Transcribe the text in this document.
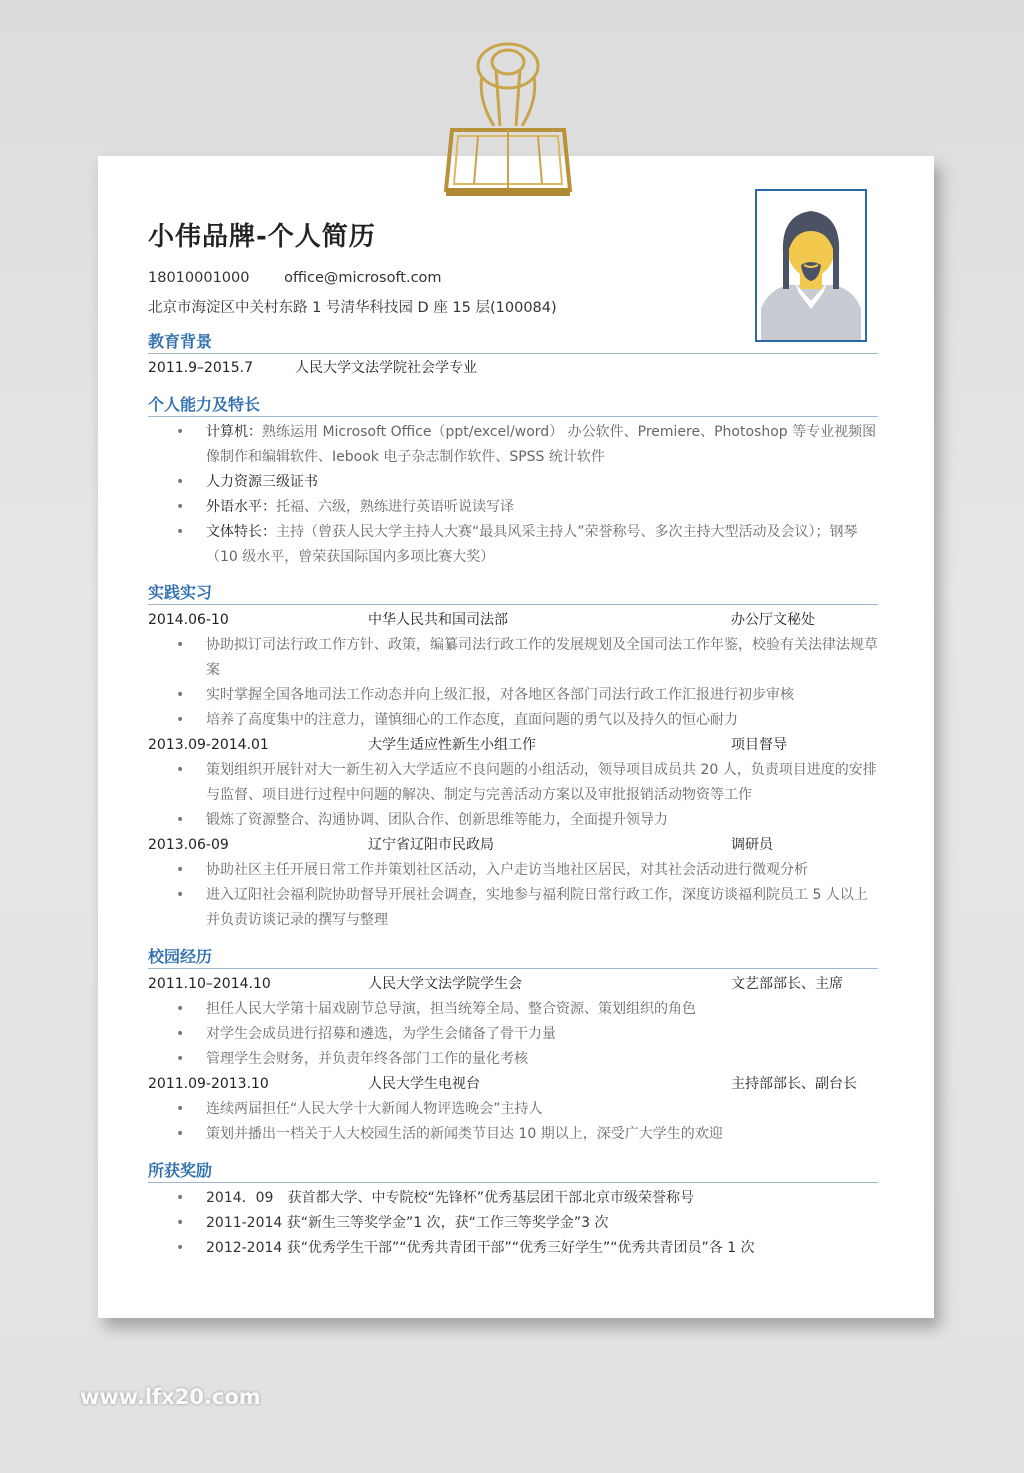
小伟品牌-个人简历
18010001000 office@microsoft.com
北京市海淀区中关村东路 1 号清华科技园 D 座 15 层(100084)
教育背景
2011.9–2015.7	人民大学文法学院社会学专业
个人能力及特长
• 计算机：熟练运用 Microsoft Office（ppt/excel/word） 办公软件、Premiere、Photoshop 等专业视频图像制作和编辑软件、Iebook 电子杂志制作软件、SPSS 统计软件
• 人力资源三级证书
• 外语水平：托福、六级，熟练进行英语听说读写译
• 文体特长：主持（曾获人民大学主持人大赛“最具风采主持人”荣誉称号、多次主持大型活动及会议）；钢琴（10 级水平，曾荣获国际国内多项比赛大奖）
实践实习
2014.06-10	中华人民共和国司法部	办公厅文秘处
• 协助拟订司法行政工作方针、政策，编纂司法行政工作的发展规划及全国司法工作年鉴，校验有关法律法规草案
• 实时掌握全国各地司法工作动态并向上级汇报，对各地区各部门司法行政工作汇报进行初步审核
• 培养了高度集中的注意力，谨慎细心的工作态度，直面问题的勇气以及持久的恒心耐力
2013.09-2014.01	大学生适应性新生小组工作	项目督导
• 策划组织开展针对大一新生初入大学适应不良问题的小组活动，领导项目成员共 20 人，负责项目进度的安排与监督、项目进行过程中问题的解决、制定与完善活动方案以及审批报销活动物资等工作
• 锻炼了资源整合、沟通协调、团队合作、创新思维等能力，全面提升领导力
2013.06-09	辽宁省辽阳市民政局	调研员
• 协助社区主任开展日常工作并策划社区活动，入户走访当地社区居民，对其社会活动进行微观分析
• 进入辽阳社会福利院协助督导开展社会调查，实地参与福利院日常行政工作，深度访谈福利院员工 5 人以上并负责访谈记录的撰写与整理
校园经历
2011.10–2014.10	人民大学文法学院学生会	文艺部部长、主席
• 担任人民大学第十届戏剧节总导演，担当统筹全局、整合资源、策划组织的角色
• 对学生会成员进行招募和遴选，为学生会储备了骨干力量
• 管理学生会财务，并负责年终各部门工作的量化考核
2011.09-2013.10	人民大学生电视台	主持部部长、副台长
• 连续两届担任“人民大学十大新闻人物评选晚会”主持人
• 策划并播出一档关于人大校园生活的新闻类节目达 10 期以上，深受广大学生的欢迎
所获奖励
• 2014．09　获首都大学、中专院校“先锋杯”优秀基层团干部北京市级荣誉称号
• 2011-2014 获“新生三等奖学金”1 次，获“工作三等奖学金”3 次
• 2012-2014 获“优秀学生干部”“优秀共青团干部”“优秀三好学生”“优秀共青团员”各 1 次
www.lfx20.com
